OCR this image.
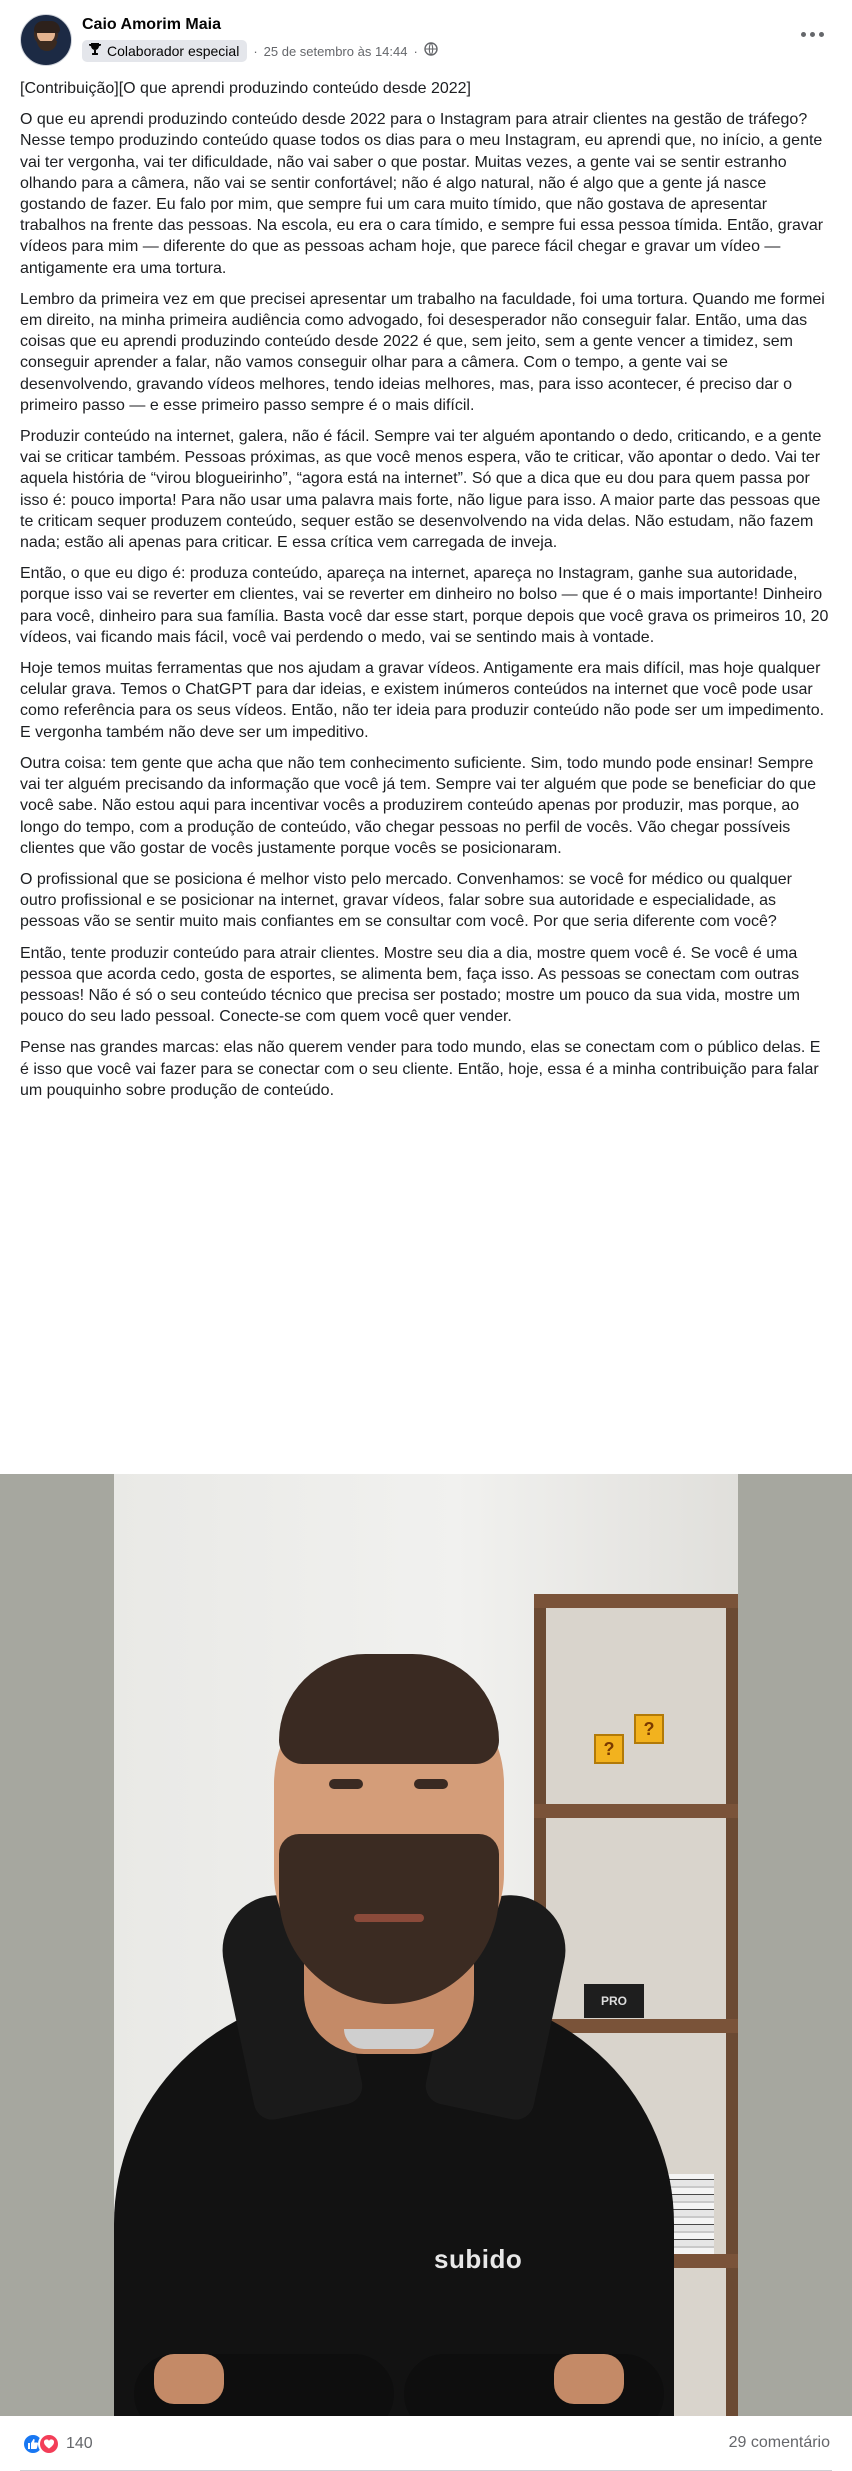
Caio Amorim Maia
Colaborador especial · 25 de setembro às 14:44 ·

[Contribuição][O que aprendi produzindo conteúdo desde 2022]

O que eu aprendi produzindo conteúdo desde 2022 para o Instagram para atrair clientes na gestão de tráfego? Nesse tempo produzindo conteúdo quase todos os dias para o meu Instagram, eu aprendi que, no início, a gente vai ter vergonha, vai ter dificuldade, não vai saber o que postar. Muitas vezes, a gente vai se sentir estranho olhando para a câmera, não vai se sentir confortável; não é algo natural, não é algo que a gente já nasce gostando de fazer. Eu falo por mim, que sempre fui um cara muito tímido, que não gostava de apresentar trabalhos na frente das pessoas. Na escola, eu era o cara tímido, e sempre fui essa pessoa tímida. Então, gravar vídeos para mim — diferente do que as pessoas acham hoje, que parece fácil chegar e gravar um vídeo — antigamente era uma tortura.

Lembro da primeira vez em que precisei apresentar um trabalho na faculdade, foi uma tortura. Quando me formei em direito, na minha primeira audiência como advogado, foi desesperador não conseguir falar. Então, uma das coisas que eu aprendi produzindo conteúdo desde 2022 é que, sem jeito, sem a gente vencer a timidez, sem conseguir aprender a falar, não vamos conseguir olhar para a câmera. Com o tempo, a gente vai se desenvolvendo, gravando vídeos melhores, tendo ideias melhores, mas, para isso acontecer, é preciso dar o primeiro passo — e esse primeiro passo sempre é o mais difícil.

Produzir conteúdo na internet, galera, não é fácil. Sempre vai ter alguém apontando o dedo, criticando, e a gente vai se criticar também. Pessoas próximas, as que você menos espera, vão te criticar, vão apontar o dedo. Vai ter aquela história de “virou blogueirinho”, “agora está na internet”. Só que a dica que eu dou para quem passa por isso é: pouco importa! Para não usar uma palavra mais forte, não ligue para isso. A maior parte das pessoas que te criticam sequer produzem conteúdo, sequer estão se desenvolvendo na vida delas. Não estudam, não fazem nada; estão ali apenas para criticar. E essa crítica vem carregada de inveja.

Então, o que eu digo é: produza conteúdo, apareça na internet, apareça no Instagram, ganhe sua autoridade, porque isso vai se reverter em clientes, vai se reverter em dinheiro no bolso — que é o mais importante! Dinheiro para você, dinheiro para sua família. Basta você dar esse start, porque depois que você grava os primeiros 10, 20 vídeos, vai ficando mais fácil, você vai perdendo o medo, vai se sentindo mais à vontade.

Hoje temos muitas ferramentas que nos ajudam a gravar vídeos. Antigamente era mais difícil, mas hoje qualquer celular grava. Temos o ChatGPT para dar ideias, e existem inúmeros conteúdos na internet que você pode usar como referência para os seus vídeos. Então, não ter ideia para produzir conteúdo não pode ser um impedimento. E vergonha também não deve ser um impeditivo.

Outra coisa: tem gente que acha que não tem conhecimento suficiente. Sim, todo mundo pode ensinar! Sempre vai ter alguém precisando da informação que você já tem. Sempre vai ter alguém que pode se beneficiar do que você sabe. Não estou aqui para incentivar vocês a produzirem conteúdo apenas por produzir, mas porque, ao longo do tempo, com a produção de conteúdo, vão chegar pessoas no perfil de vocês. Vão chegar possíveis clientes que vão gostar de vocês justamente porque vocês se posicionaram.

O profissional que se posiciona é melhor visto pelo mercado. Convenhamos: se você for médico ou qualquer outro profissional e se posicionar na internet, gravar vídeos, falar sobre sua autoridade e especialidade, as pessoas vão se sentir muito mais confiantes em se consultar com você. Por que seria diferente com você?

Então, tente produzir conteúdo para atrair clientes. Mostre seu dia a dia, mostre quem você é. Se você é uma pessoa que acorda cedo, gosta de esportes, se alimenta bem, faça isso. As pessoas se conectam com outras pessoas! Não é só o seu conteúdo técnico que precisa ser postado; mostre um pouco da sua vida, mostre um pouco do seu lado pessoal. Conecte-se com quem você quer vender.

Pense nas grandes marcas: elas não querem vender para todo mundo, elas se conectam com o público delas. E é isso que você vai fazer para se conectar com o seu cliente. Então, hoje, essa é a minha contribuição para falar um pouquinho sobre produção de conteúdo.

?
?
PRO
subido
140	29 comentário
